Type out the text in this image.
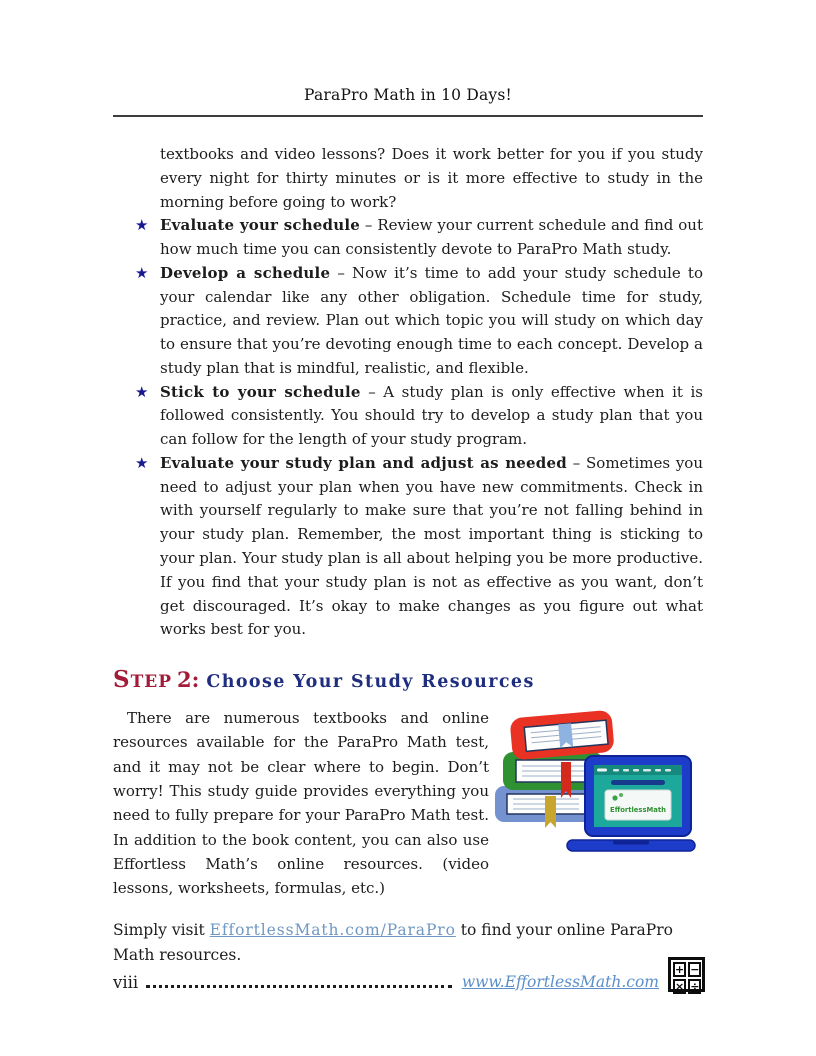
ParaPro Math in 10 Days!

textbooks and video lessons? Does it work better for you if you study every night for thirty minutes or is it more effective to study in the morning before going to work?

★ Evaluate your schedule – Review your current schedule and find out how much time you can consistently devote to ParaPro Math study.

★ Develop a schedule – Now it’s time to add your study schedule to your calendar like any other obligation. Schedule time for study, practice, and review. Plan out which topic you will study on which day to ensure that you’re devoting enough time to each concept. Develop a study plan that is mindful, realistic, and flexible.

★ Stick to your schedule – A study plan is only effective when it is followed consistently. You should try to develop a study plan that you can follow for the length of your study program.

★ Evaluate your study plan and adjust as needed – Sometimes you need to adjust your plan when you have new commitments. Check in with yourself regularly to make sure that you’re not falling behind in your study plan. Remember, the most important thing is sticking to your plan. Your study plan is all about helping you be more productive. If you find that your study plan is not as effective as you want, don’t get discouraged. It’s okay to make changes as you figure out what works best for you.

STEP 2: Choose Your Study Resources

There are numerous textbooks and online resources available for the ParaPro Math test, and it may not be clear where to begin. Don’t worry! This study guide provides everything you need to fully prepare for your ParaPro Math test. In addition to the book content, you can also use Effortless Math’s online resources. (video lessons, worksheets, formulas, etc.)

EffortlessMath

Simply visit EffortlessMath.com/ParaPro to find your online ParaPro Math resources.

viii	www.EffortlessMath.com
+ −
× ÷
